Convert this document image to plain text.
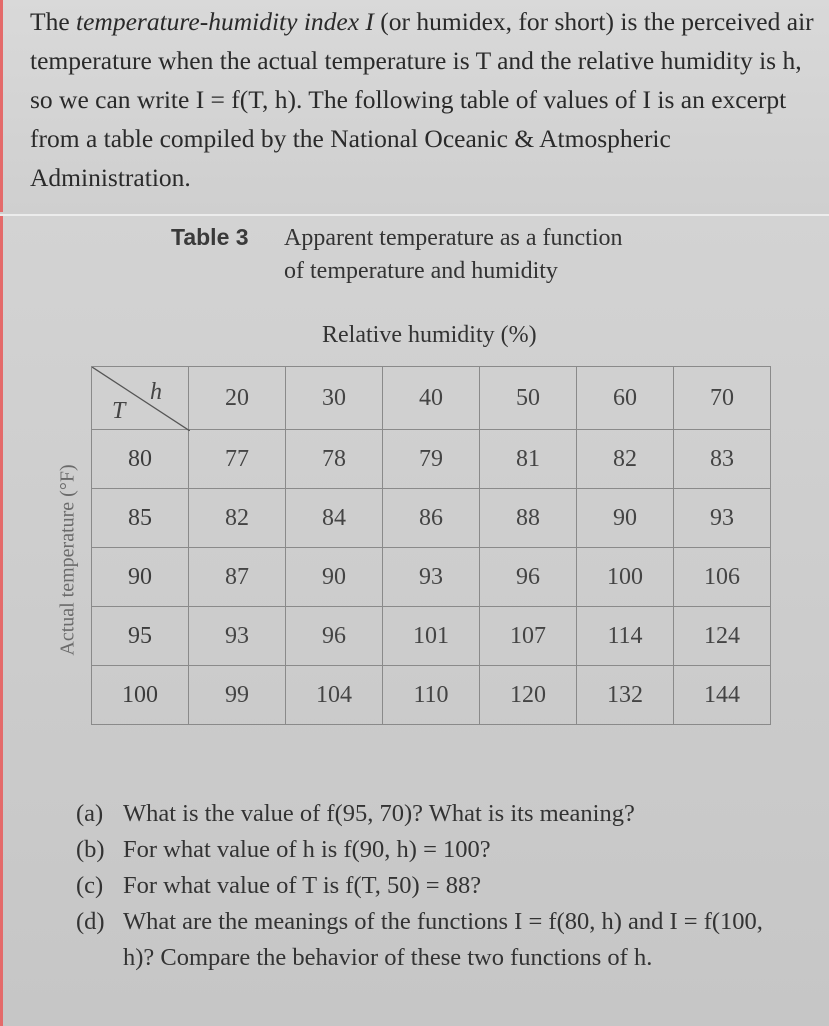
The temperature-humidity index I (or humidex, for short) is the perceived air temperature when the actual temperature is T and the relative humidity is h, so we can write I = f(T, h). The following table of values of I is an excerpt from a table compiled by the National Oceanic & Atmospheric Administration.
Table 3 Apparent temperature as a function
of temperature and humidity
Relative humidity (%)
Actual temperature (°F)
h
T	20	30	40	50	60	70
80	77	78	79	81	82	83
85	82	84	86	88	90	93
90	87	90	93	96	100	106
95	93	96	101	107	114	124
100	99	104	110	120	132	144
(a) What is the value of f(95, 70)? What is its meaning?
(b) For what value of h is f(90, h) = 100?
(c) For what value of T is f(T, 50) = 88?
(d) What are the meanings of the functions I = f(80, h) and I = f(100, h)? Compare the behavior of these two functions of h.
